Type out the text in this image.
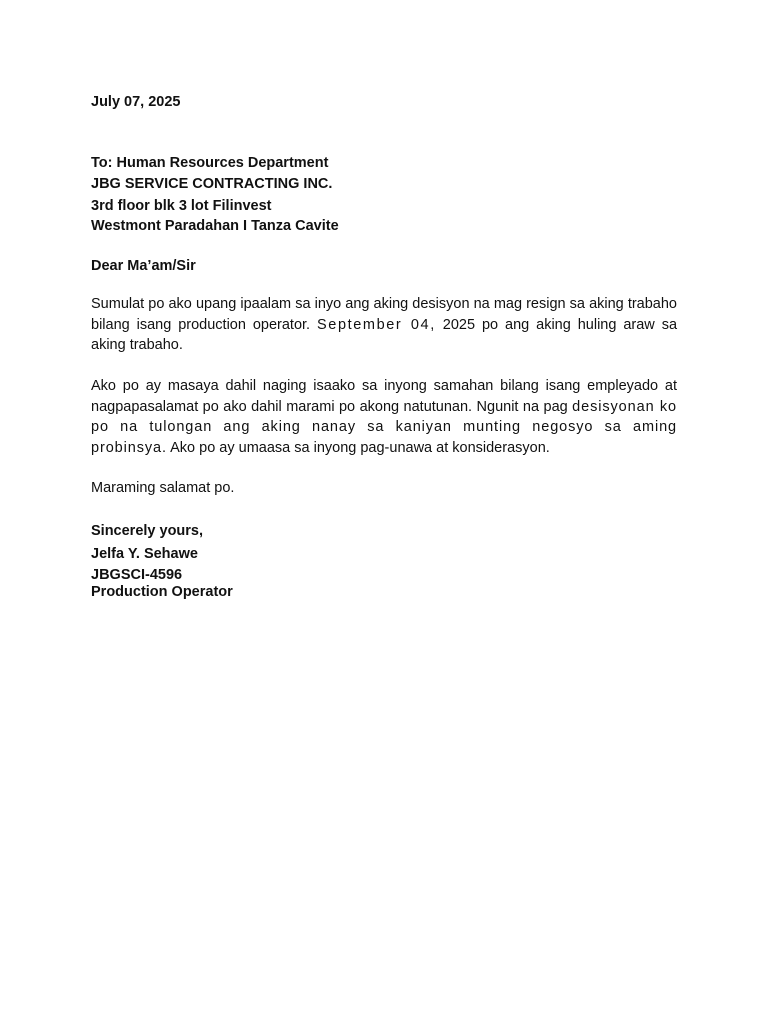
July 07, 2025
To: Human Resources Department
JBG SERVICE CONTRACTING INC.
3rd floor blk 3 lot Filinvest
Westmont Paradahan I Tanza Cavite
Dear Ma’am/Sir

Sumulat po ako upang ipaalam sa inyo ang aking desisyon na mag resign sa aking trabaho bilang isang production operator. September 04, 2025 po ang aking huling araw sa aking trabaho.

Ako po ay masaya dahil naging isaako sa inyong samahan bilang isang empleyado at nagpapasalamat po ako dahil marami po akong natutunan. Ngunit na pag desisyonan ko po na tulongan ang aking nanay sa kaniyan munting negosyo sa aming probinsya. Ako po ay umaasa sa inyong pag-unawa at konsiderasyon.

Maraming salamat po.
Sincerely yours,
Jelfa Y. Sehawe
JBGSCI-4596
Production Operator
